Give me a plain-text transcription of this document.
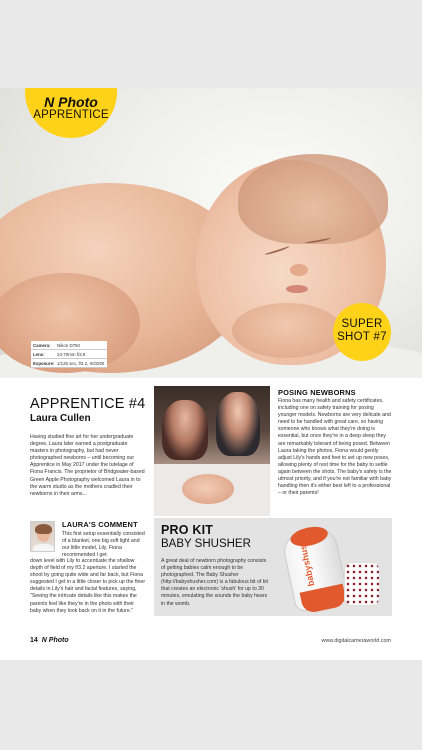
Camera:	Nikon D750
Lens:	24-70mm f/2.8
Exposure: 1/125 sec, f/3.2, ISO200
SUPER
SHOT #7
N Photo
APPRENTICE
APPRENTICE #4
Laura Cullen

Having studied fine art for her undergraduate degree, Laura later earned a postgraduate masters in photography, but had never photographed newborns – until becoming our Apprentice in May 2017 under the tutelage of Fiona Francis. The proprietor of Bridgwater-based Green Apple Photography welcomed Laura in to the warm studio as the mothers cradled their newborns in their arms...

POSING NEWBORNS

Fiona has many health and safety certificates, including one on safety training for posing younger models. Newborns are very delicate and need to be handled with great care, so having someone who knows what they're doing is essential, but once they're in a deep sleep they are remarkably tolerant of being posed. Between Laura taking the photos, Fiona would gently adjust Lily's hands and feet to set up new poses, allowing plenty of rest time for the baby to settle again between the shots. The baby's safety is the utmost priority, and if you're not familiar with baby handling then it's either best left to a professional – or their parents!

LAURA'S COMMENT

This first setup essentially consisted of a blanket, one big soft light and our little model, Lily. Fiona recommended I get

down level with Lily to accentuate the shallow depth of field of my f/3.2 aperture. I started the shoot by going quite wide and far back, but Fiona suggested I get in a little closer to pick up the finer details in Lily's hair and facial features, saying, "Seeing the intricate details like this makes the parents feel like they're in the photo with their baby when they look back on it in the future."

PRO KIT
BABY SHUSHER

A great deal of newborn photography consists of getting babies calm enough to be photographed. The Baby Shusher (http://babyshusher.com) is a fabulous bit of kit that creates an electronic 'shush' for up to 30 minutes, emulating the sounds the baby hears in the womb.

babyshusher
14 N Photo	www.digitalcameraworld.com
